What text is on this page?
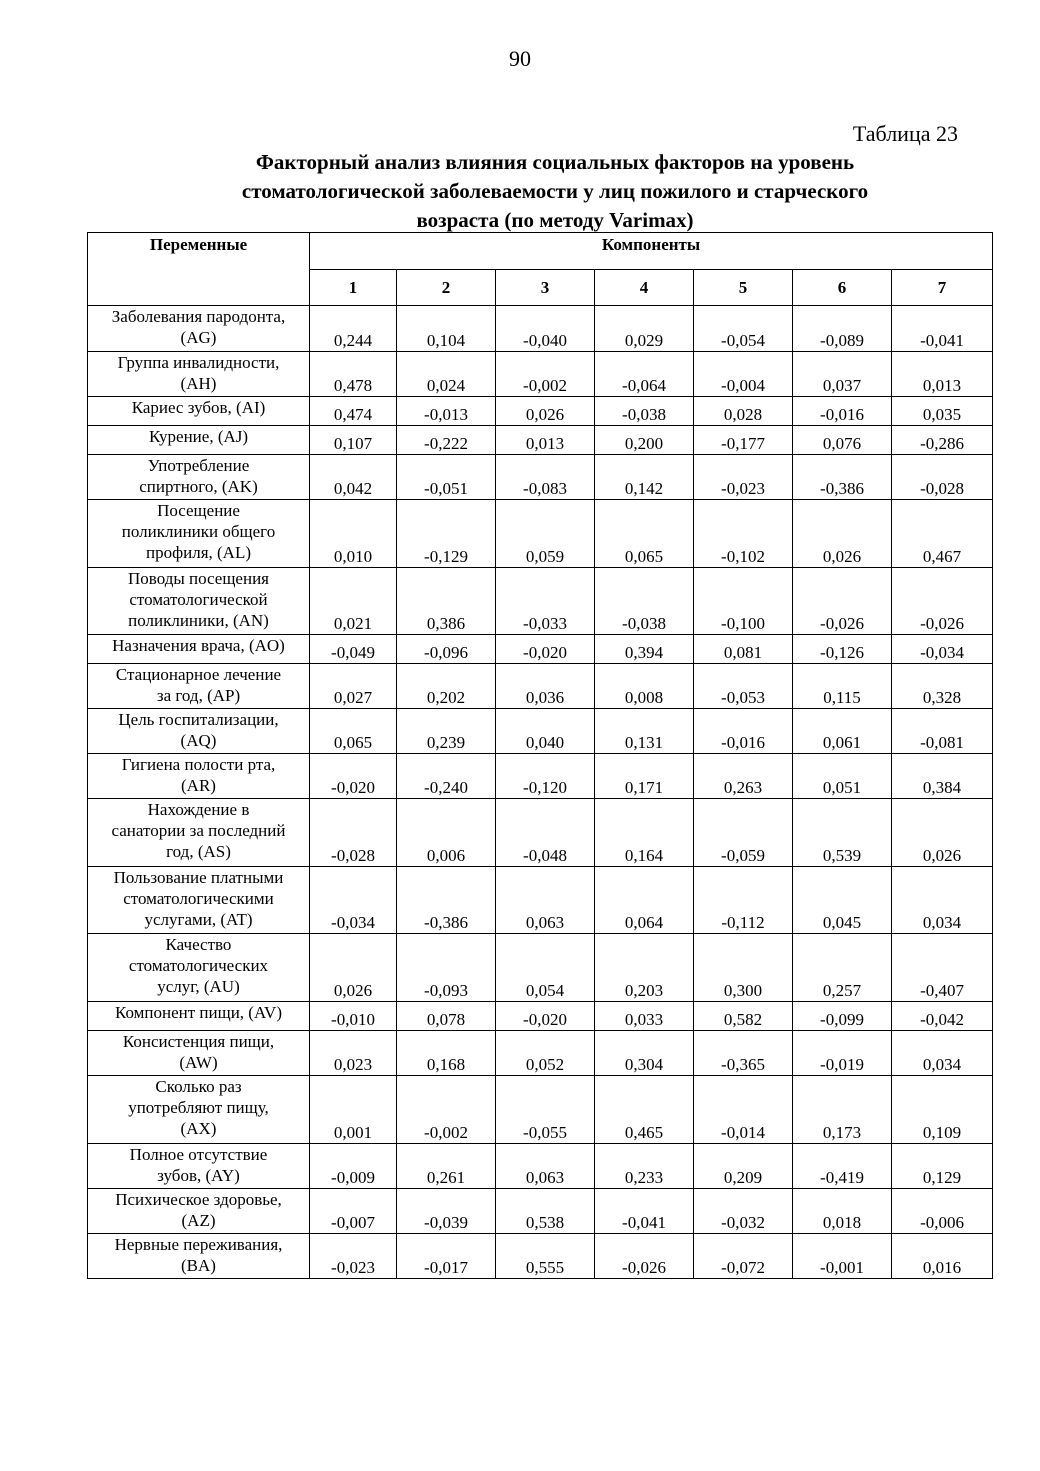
90
Таблица 23
Факторный анализ влияния социальных факторов на уровень
стоматологической заболеваемости у лиц пожилого и старческого
возраста (по методу Varimax)
Переменные	Компоненты						
	1	2	3	4	5	6	7

Заболевания пародонта,
(AG)	0,244	0,104	-0,040	0,029	-0,054	-0,089	-0,041

Группа инвалидности,
(AH)	0,478	0,024	-0,002	-0,064	-0,004	0,037	0,013

Кариес зубов, (AI)	0,474	-0,013	0,026	-0,038	0,028	-0,016	0,035

Курение, (AJ)	0,107	-0,222	0,013	0,200	-0,177	0,076	-0,286

Употребление
спиртного, (AK)	0,042	-0,051	-0,083	0,142	-0,023	-0,386	-0,028

Посещение
поликлиники общего
профиля, (AL)	0,010	-0,129	0,059	0,065	-0,102	0,026	0,467

Поводы посещения
стоматологической
поликлиники, (AN)	0,021	0,386	-0,033	-0,038	-0,100	-0,026	-0,026

Назначения врача, (AO)	-0,049	-0,096	-0,020	0,394	0,081	-0,126	-0,034

Стационарное лечение
за год, (AP)	0,027	0,202	0,036	0,008	-0,053	0,115	0,328

Цель госпитализации,
(AQ)	0,065	0,239	0,040	0,131	-0,016	0,061	-0,081

Гигиена полости рта,
(AR)	-0,020	-0,240	-0,120	0,171	0,263	0,051	0,384

Нахождение в
санатории за последний
год, (AS)	-0,028	0,006	-0,048	0,164	-0,059	0,539	0,026

Пользование платными
стоматологическими
услугами, (AT)	-0,034	-0,386	0,063	0,064	-0,112	0,045	0,034

Качество
стоматологических
услуг, (AU)	0,026	-0,093	0,054	0,203	0,300	0,257	-0,407

Компонент пищи, (AV)	-0,010	0,078	-0,020	0,033	0,582	-0,099	-0,042

Консистенция пищи,
(AW)	0,023	0,168	0,052	0,304	-0,365	-0,019	0,034

Сколько раз
употребляют пищу,
(AX)	0,001	-0,002	-0,055	0,465	-0,014	0,173	0,109

Полное отсутствие
зубов, (AY)	-0,009	0,261	0,063	0,233	0,209	-0,419	0,129

Психическое здоровье,
(AZ)	-0,007	-0,039	0,538	-0,041	-0,032	0,018	-0,006

Нервные переживания,
(BA)	-0,023	-0,017	0,555	-0,026	-0,072	-0,001	0,016
